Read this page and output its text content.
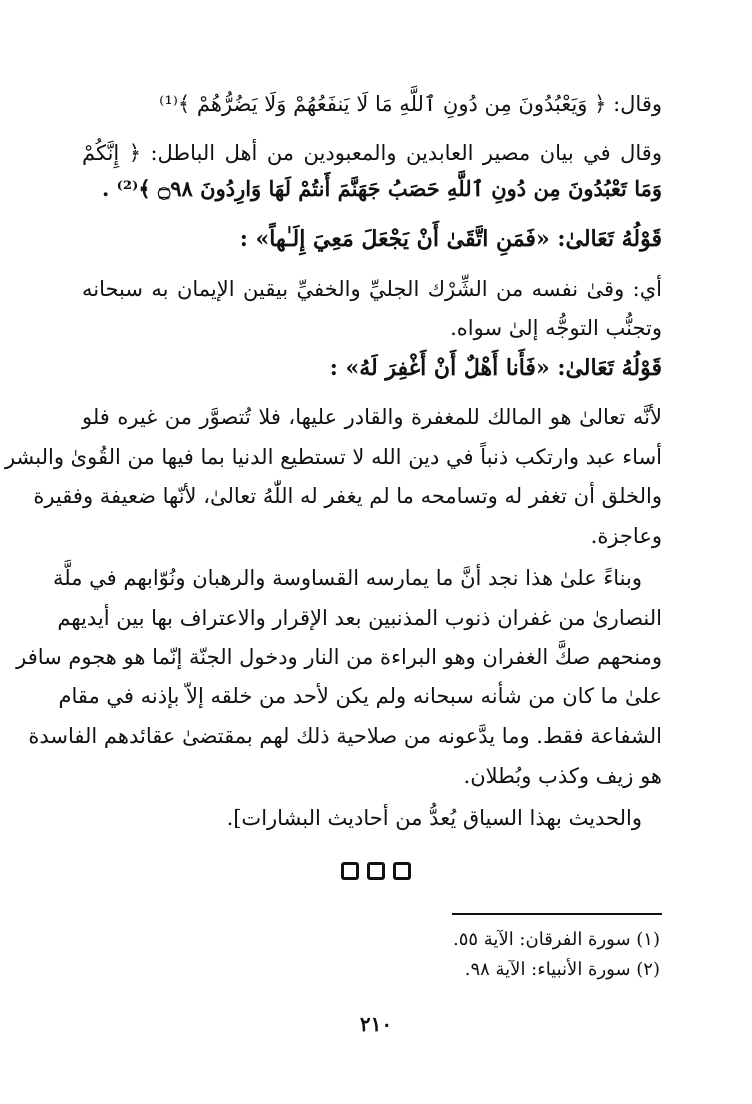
وقال: ﴿ وَيَعْبُدُونَ مِن دُونِ ٱللَّهِ مَا لَا يَنفَعُهُمْ وَلَا يَضُرُّهُمْ ﴾⁽¹⁾
وقال في بيان مصير العابدين والمعبودين من أهل الباطل: ﴿ إِنَّكُمْ
وَمَا تَعْبُدُونَ مِن دُونِ ٱللَّهِ حَصَبُ جَهَنَّمَ أَنتُمْ لَهَا وَارِدُونَ ۝٩٨ ﴾⁽²⁾ .
قَوْلُهُ تَعَالىٰ: «فَمَنِ اتَّقَىٰ أَنْ يَجْعَلَ مَعِيَ إِلَـٰهاً» :
أي: وقىٰ نفسه من الشِّرْك الجليِّ والخفيِّ بيقين الإيمان به سبحانه
وتجنُّب التوجُّه إلىٰ سواه.
قَوْلُهُ تَعَالىٰ: «فَأَنا أَهْلٌ أَنْ أَغْفِرَ لَهُ» :
لأنَّه تعالىٰ هو المالك للمغفرة والقادر عليها، فلا تُتصوَّر من غيره فلو
أساء عبد وارتكب ذنباً في دين الله لا تستطيع الدنيا بما فيها من القُوىٰ والبشر
والخلق أن تغفر له وتسامحه ما لم يغفر له اللّٰهُ تعالىٰ، لأنّها ضعيفة وفقيرة
وعاجزة.
وبناءً علىٰ هذا نجد أنَّ ما يمارسه القساوسة والرهبان ونُوّابهم في ملَّة
النصارىٰ من غفران ذنوب المذنبين بعد الإقرار والاعتراف بها بين أيديهم
ومنحهم صكَّ الغفران وهو البراءة من النار ودخول الجنّة إنّما هو هجوم سافر
علىٰ ما كان من شأنه سبحانه ولم يكن لأحد من خلقه إلاّ بإذنه في مقام
الشفاعة فقط. وما يدَّعونه من صلاحية ذلك لهم بمقتضىٰ عقائدهم الفاسدة
هو زيف وكذب وبُطلان.
والحديث بهذا السياق يُعدُّ من أحاديث البشارات].
(١) سورة الفرقان: الآية ٥٥.
(٢) سورة الأنبياء: الآية ٩٨.
٢١٠
